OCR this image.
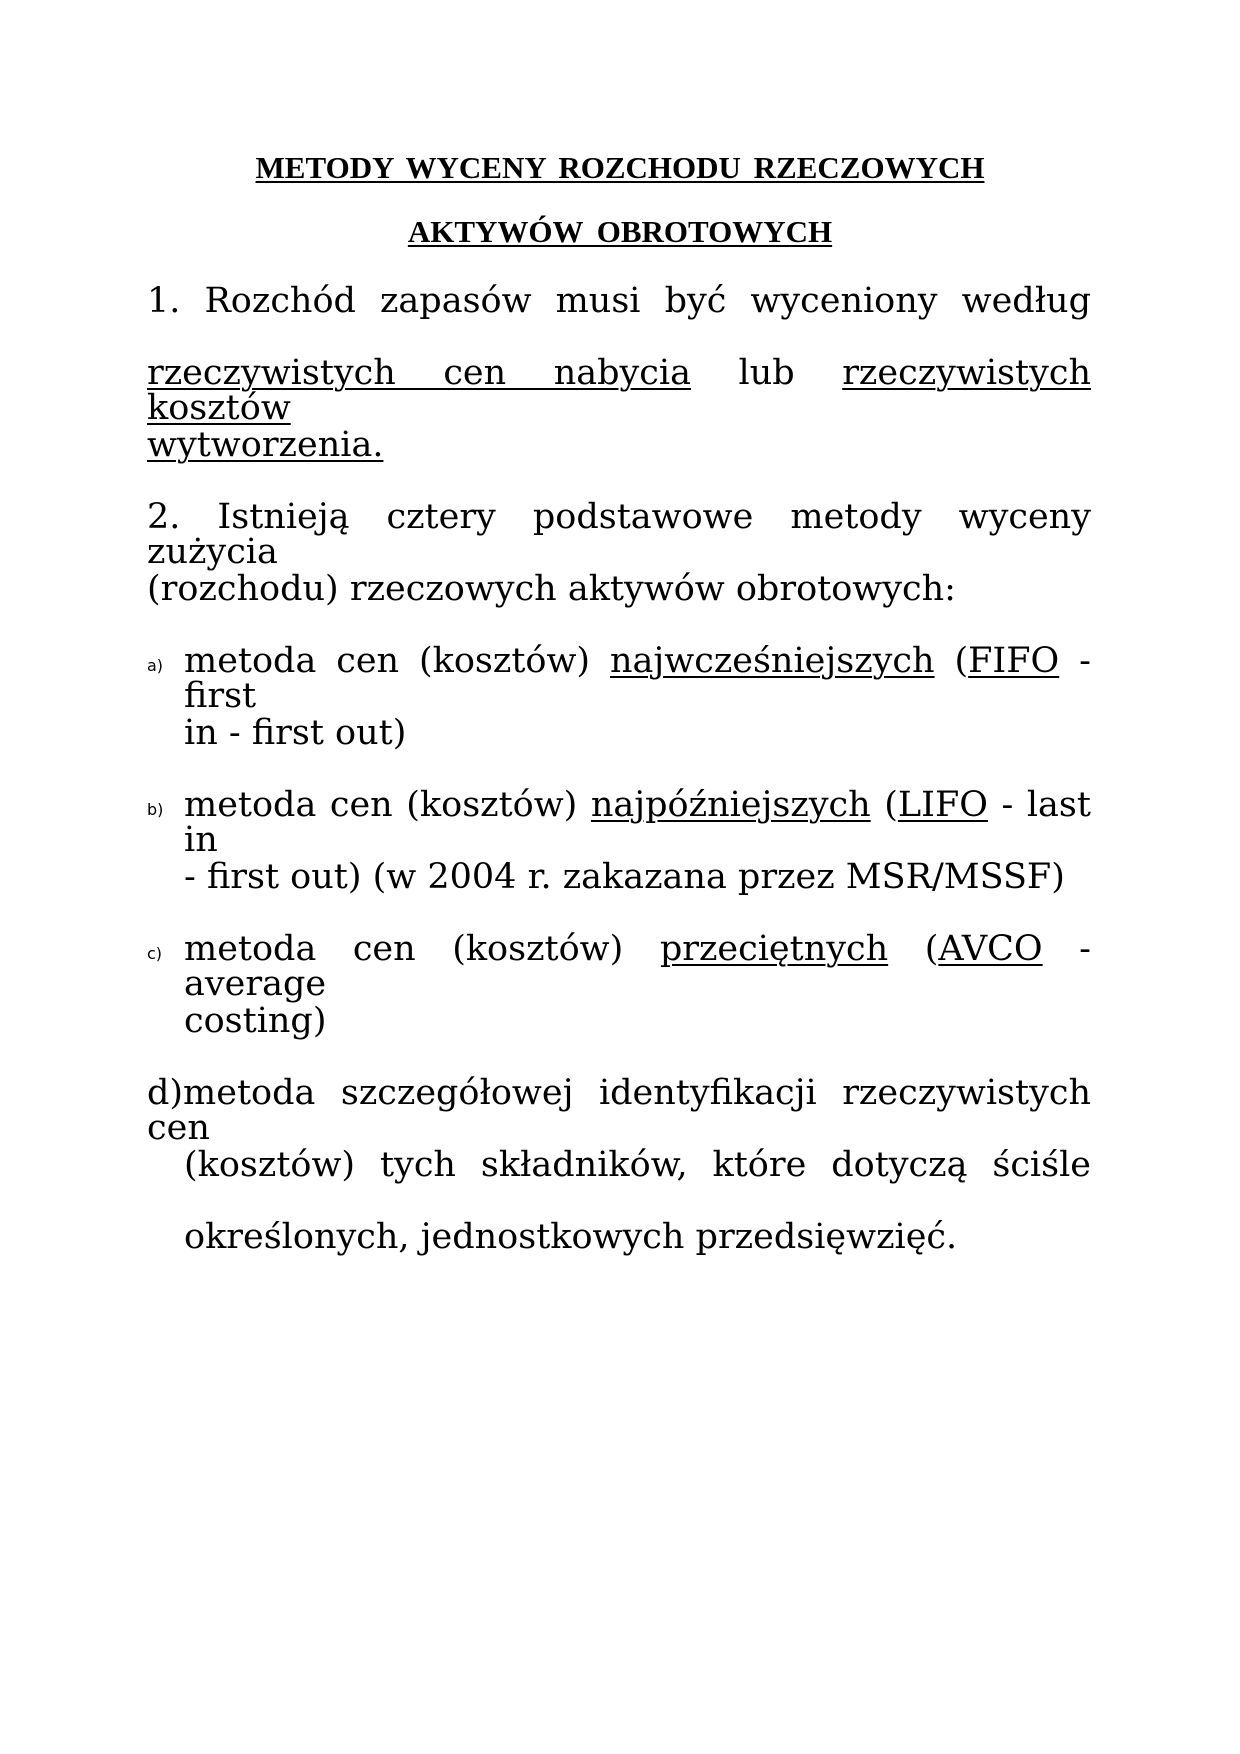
METODY WYCENY ROZCHODU RZECZOWYCH
AKTYWÓW OBROTOWYCH
1. Rozchód zapasów musi być wyceniony według
rzeczywistych cen nabycia lub rzeczywistych kosztów
wytworzenia.
2. Istnieją cztery podstawowe metody wyceny zużycia
(rozchodu) rzeczowych aktywów obrotowych:
a) metoda cen (kosztów) najwcześniejszych (FIFO - first
in - first out)
b) metoda cen (kosztów) najpóźniejszych (LIFO - last in
- first out) (w 2004 r. zakazana przez MSR/MSSF)
c) metoda cen (kosztów) przeciętnych (AVCO - average
costing)
d)metoda szczegółowej identyfikacji rzeczywistych cen
(kosztów) tych składników, które dotyczą ściśle
określonych, jednostkowych przedsięwzięć.
